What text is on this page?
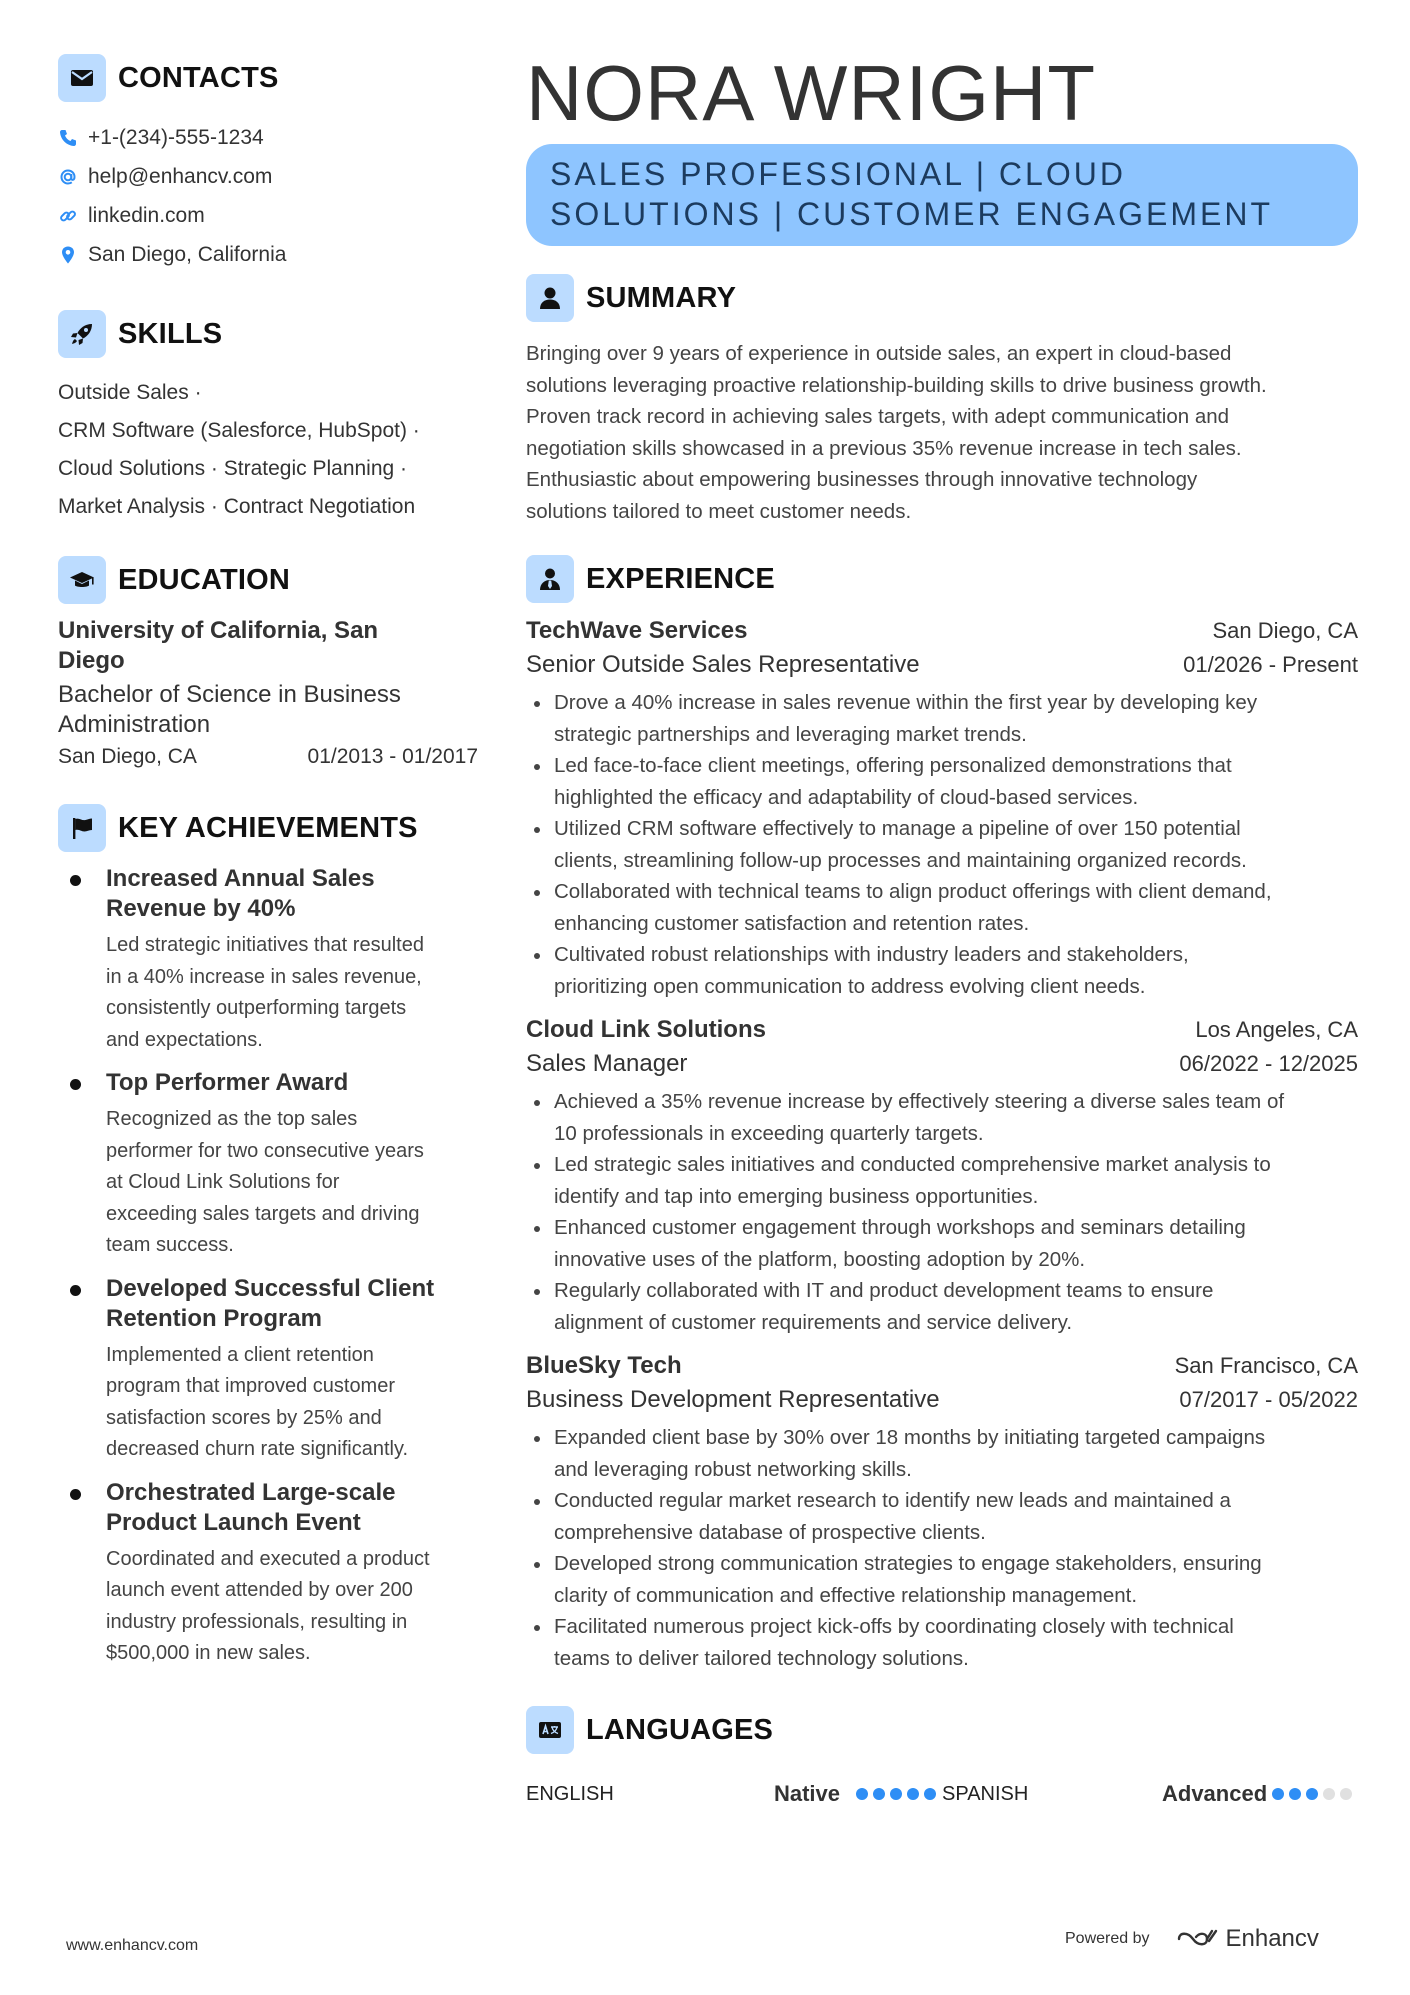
CONTACTS
+1-(234)-555-1234
help@enhancv.com
linkedin.com
San Diego, California
SKILLS
Outside Sales ·
CRM Software (Salesforce, HubSpot) ·
Cloud Solutions · Strategic Planning ·
Market Analysis · Contract Negotiation
EDUCATION
University of California, San
Diego
Bachelor of Science in Business
Administration
San Diego, CA	01/2013 - 01/2017
KEY ACHIEVEMENTS
Increased Annual Sales
Revenue by 40%
Led strategic initiatives that resulted
in a 40% increase in sales revenue,
consistently outperforming targets
and expectations.
Top Performer Award
Recognized as the top sales
performer for two consecutive years
at Cloud Link Solutions for
exceeding sales targets and driving
team success.
Developed Successful Client
Retention Program
Implemented a client retention
program that improved customer
satisfaction scores by 25% and
decreased churn rate significantly.
Orchestrated Large-scale
Product Launch Event
Coordinated and executed a product
launch event attended by over 200
industry professionals, resulting in
$500,000 in new sales.
NORA WRIGHT
SALES PROFESSIONAL | CLOUD SOLUTIONS | CUSTOMER ENGAGEMENT
SUMMARY
Bringing over 9 years of experience in outside sales, an expert in cloud-based
solutions leveraging proactive relationship-building skills to drive business growth.
Proven track record in achieving sales targets, with adept communication and
negotiation skills showcased in a previous 35% revenue increase in tech sales.
Enthusiastic about empowering businesses through innovative technology
solutions tailored to meet customer needs.
EXPERIENCE
TechWave Services	San Diego, CA
Senior Outside Sales Representative	01/2026 - Present
Drove a 40% increase in sales revenue within the first year by developing key
strategic partnerships and leveraging market trends.
Led face-to-face client meetings, offering personalized demonstrations that
highlighted the efficacy and adaptability of cloud-based services.
Utilized CRM software effectively to manage a pipeline of over 150 potential
clients, streamlining follow-up processes and maintaining organized records.
Collaborated with technical teams to align product offerings with client demand,
enhancing customer satisfaction and retention rates.
Cultivated robust relationships with industry leaders and stakeholders,
prioritizing open communication to address evolving client needs.
Cloud Link Solutions	Los Angeles, CA
Sales Manager	06/2022 - 12/2025
Achieved a 35% revenue increase by effectively steering a diverse sales team of
10 professionals in exceeding quarterly targets.
Led strategic sales initiatives and conducted comprehensive market analysis to
identify and tap into emerging business opportunities.
Enhanced customer engagement through workshops and seminars detailing
innovative uses of the platform, boosting adoption by 20%.
Regularly collaborated with IT and product development teams to ensure
alignment of customer requirements and service delivery.
BlueSky Tech	San Francisco, CA
Business Development Representative	07/2017 - 05/2022
Expanded client base by 30% over 18 months by initiating targeted campaigns
and leveraging robust networking skills.
Conducted regular market research to identify new leads and maintained a
comprehensive database of prospective clients.
Developed strong communication strategies to engage stakeholders, ensuring
clarity of communication and effective relationship management.
Facilitated numerous project kick-offs by coordinating closely with technical
teams to deliver tailored technology solutions.
LANGUAGES
ENGLISH	Native	SPANISH	Advanced
www.enhancv.com	Powered by	Enhancv
